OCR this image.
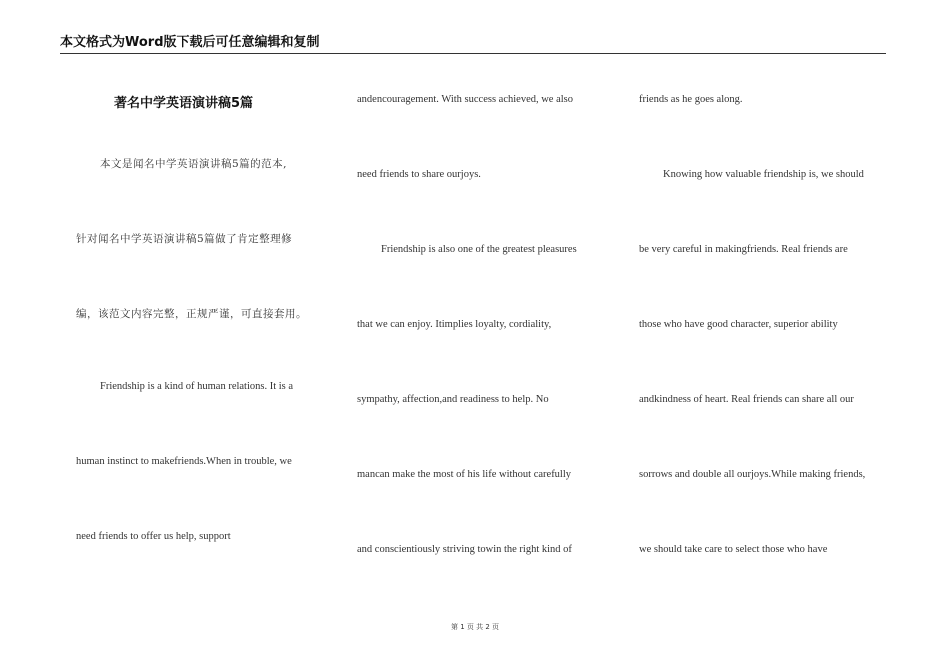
本文格式为Word版下载后可任意编辑和复制
著名中学英语演讲稿5篇
本文是闻名中学英语演讲稿5篇的范本,
针对闻名中学英语演讲稿5篇做了肯定整理修
编，该范文内容完整，正规严谨，可直接套用。
Friendship is a kind of human relations. It is a
human instinct to makefriends.When in trouble, we
need friends to offer us help, support
andencouragement. With success achieved, we also
need friends to share ourjoys.
Friendship is also one of the greatest pleasures
that we can enjoy. Itimplies loyalty, cordiality,
sympathy, affection,and readiness to help. No
mancan make the most of his life without carefully
and conscientiously striving towin the right kind of
friends as he goes along.
Knowing how valuable friendship is, we should
be very careful in makingfriends. Real friends are
those who have good character, superior ability
andkindness of heart. Real friends can share all our
sorrows and double all ourjoys.While making friends,
we should take care to select those who have
第 1 页 共 2 页
